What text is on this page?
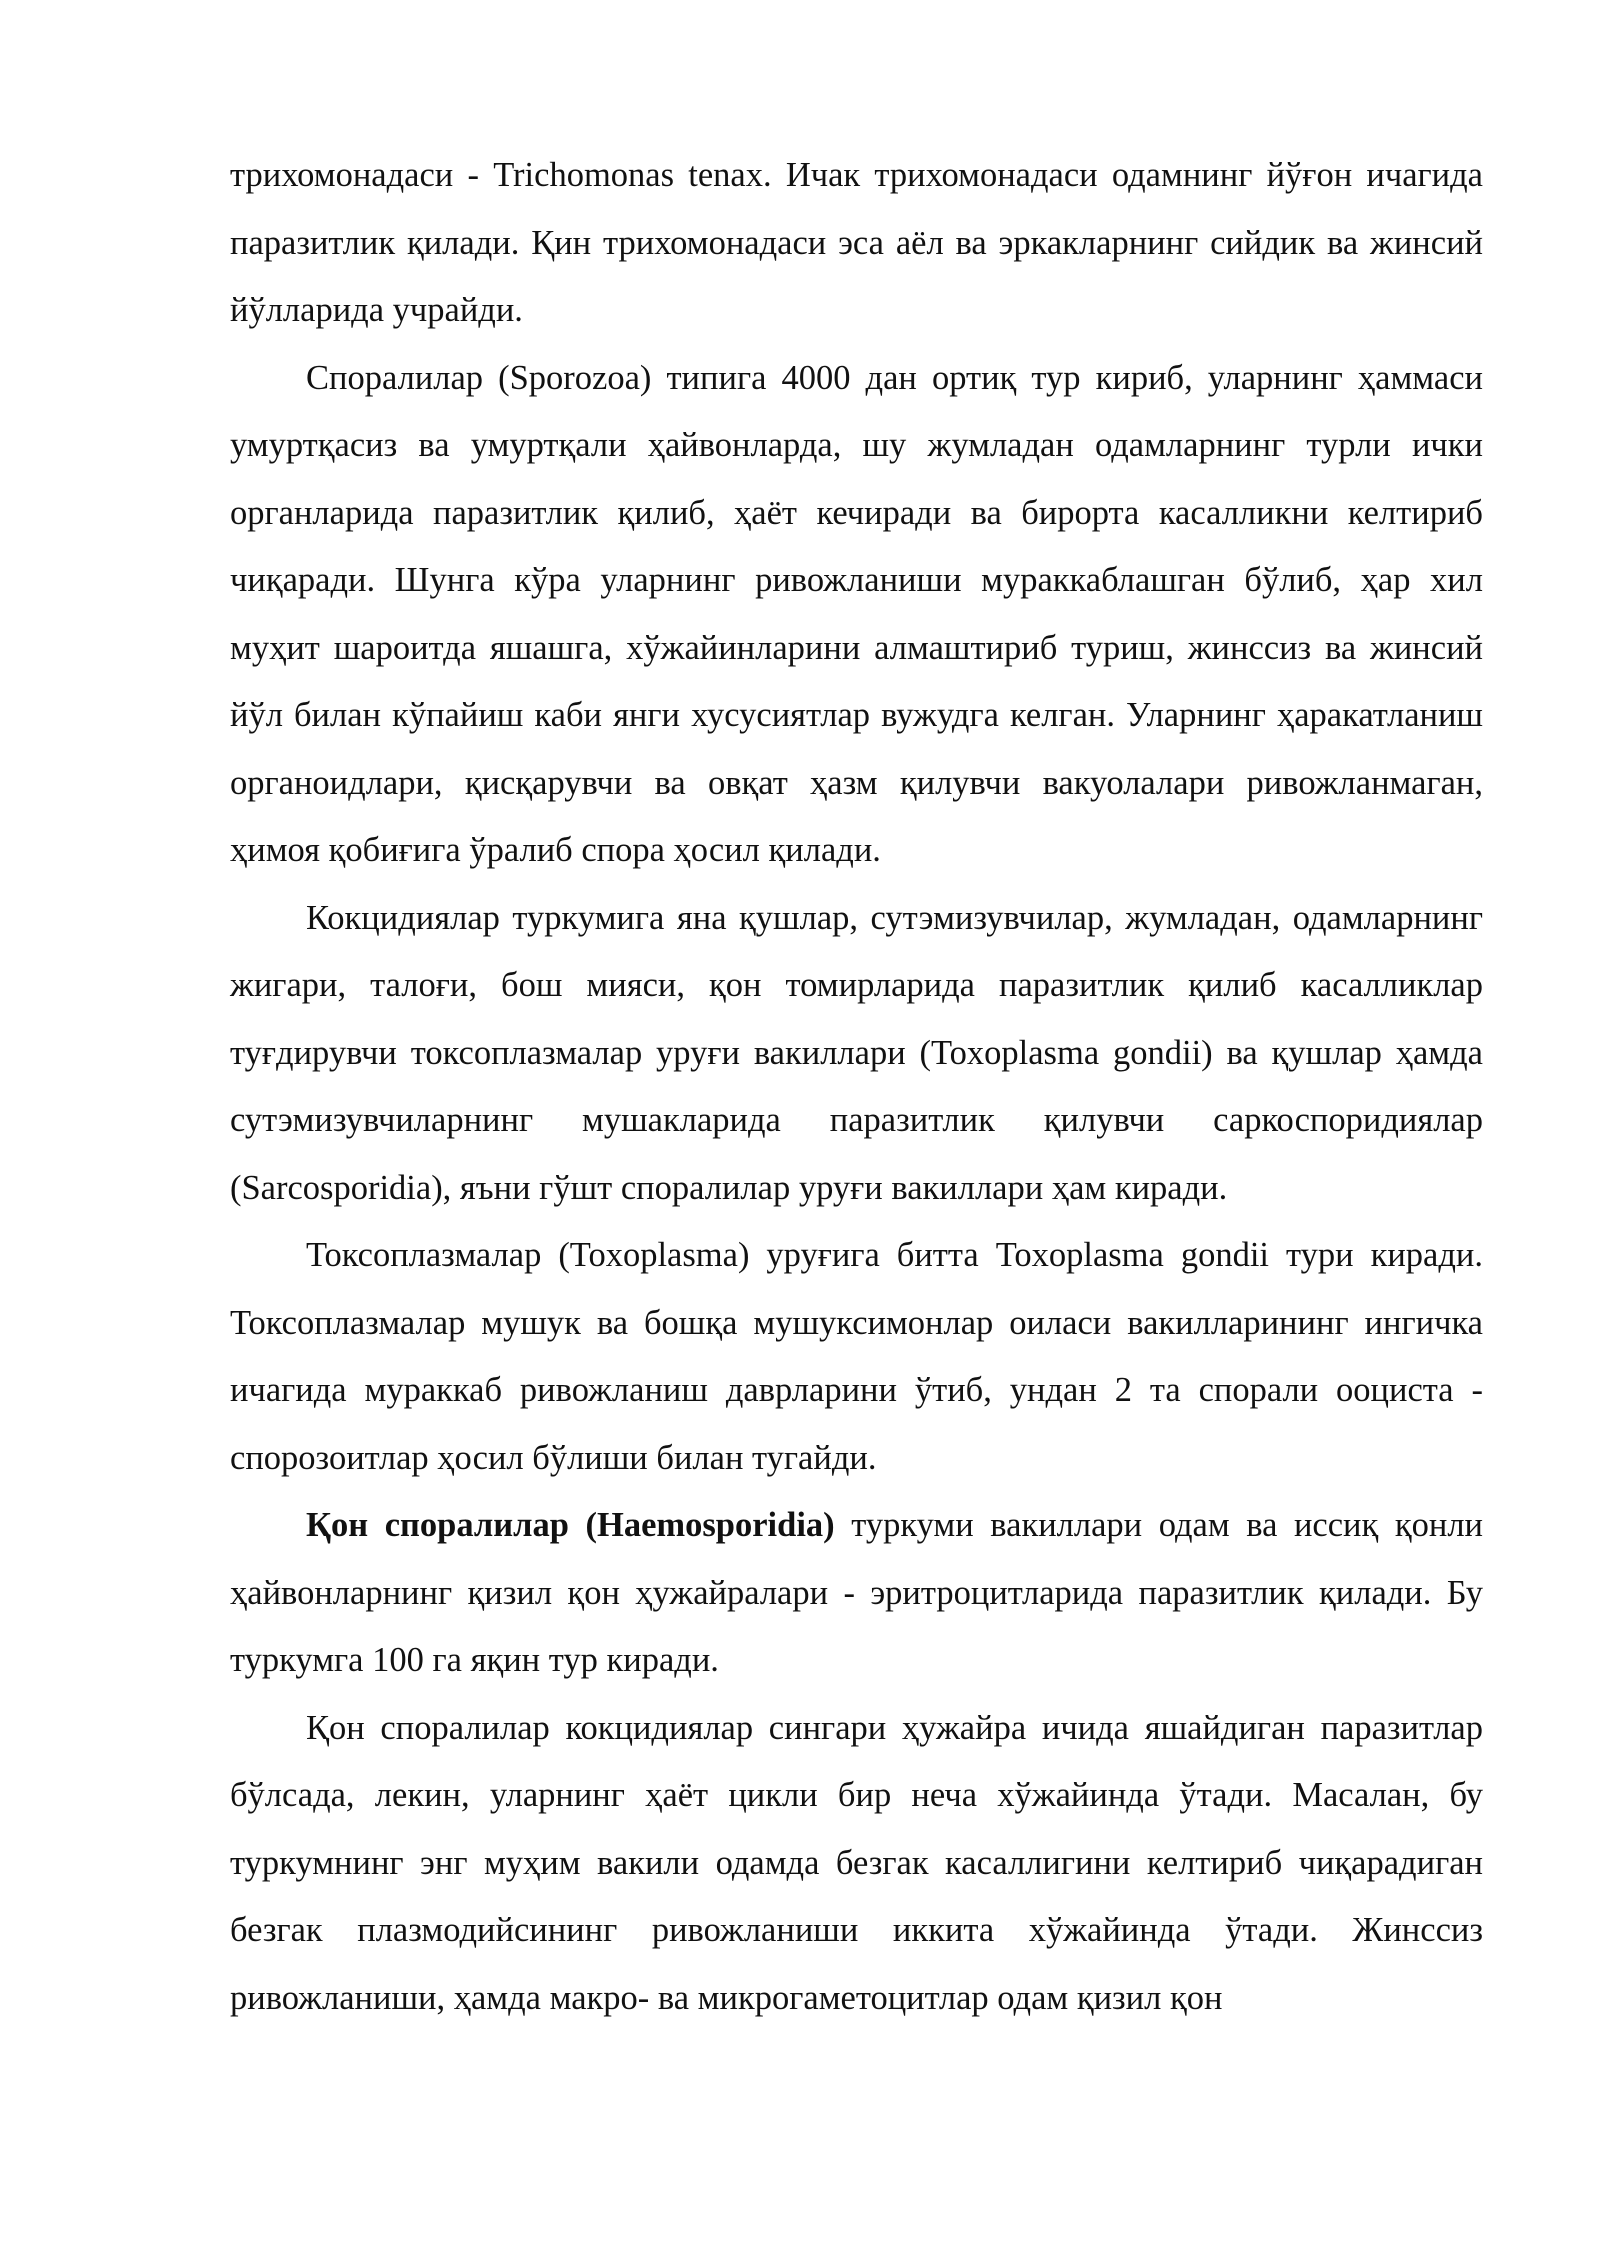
трихомонадаси - Trichomonas tenax. Ичак трихомонадаси одамнинг йўғон ичагида паразитлик қилади. Қин трихомонадаси эса аёл ва эркакларнинг сийдик ва жинсий йўлларида учрайди.

Споралилар (Sporozoa) типига 4000 дан ортиқ тур кириб, уларнинг ҳаммаси умуртқасиз ва умуртқали ҳайвонларда, шу жумладан одамларнинг турли ички органларида паразитлик қилиб, ҳаёт кечиради ва бирорта касалликни келтириб чиқаради. Шунга кўра уларнинг ривожланиши мураккаблашган бўлиб, ҳар хил муҳит шароитда яшашга, хўжайинларини алмаштириб туриш, жинссиз ва жинсий йўл билан кўпайиш каби янги хусусиятлар вужудга келган. Уларнинг ҳаракатланиш органоидлари, қисқарувчи ва овқат ҳазм қилувчи вакуолалари ривожланмаган, ҳимоя қобиғига ўралиб спора ҳосил қилади.

Кокцидиялар туркумига яна қушлар, сутэмизувчилар, жумладан, одамларнинг жигари, талоғи, бош мияси, қон томирларида паразитлик қилиб касалликлар туғдирувчи токсоплазмалар уруғи вакиллари (Toxoplasma gondii) ва қушлар ҳамда сутэмизувчиларнинг мушакларида паразитлик қилувчи саркоспоридиялар (Sarcosporidia), яъни гўшт споралилар уруғи вакиллари ҳам киради.

Токсоплазмалар (Toxoplasma) уруғига битта Toxoplasma gondii тури киради. Токсоплазмалар мушук ва бошқа мушуксимонлар оиласи вакилларининг ингичка ичагида мураккаб ривожланиш даврларини ўтиб, ундан 2 та спорали ооциста - спорозоитлар ҳосил бўлиши билан тугайди.

Қон споралилар (Haemosporidia) туркуми вакиллари одам ва иссиқ қонли ҳайвонларнинг қизил қон ҳужайралари - эритроцитларида паразитлик қилади. Бу туркумга 100 га яқин тур киради.

Қон споралилар кокцидиялар сингари ҳужайра ичида яшайдиган паразитлар бўлсада, лекин, уларнинг ҳаёт цикли бир неча хўжайинда ўтади. Масалан, бу туркумнинг энг муҳим вакили одамда безгак касаллигини келтириб чиқарадиган безгак плазмодийсининг ривожланиши иккита хўжайинда ўтади. Жинссиз ривожланиши, ҳамда макро- ва микрогаметоцитлар одам қизил қон
